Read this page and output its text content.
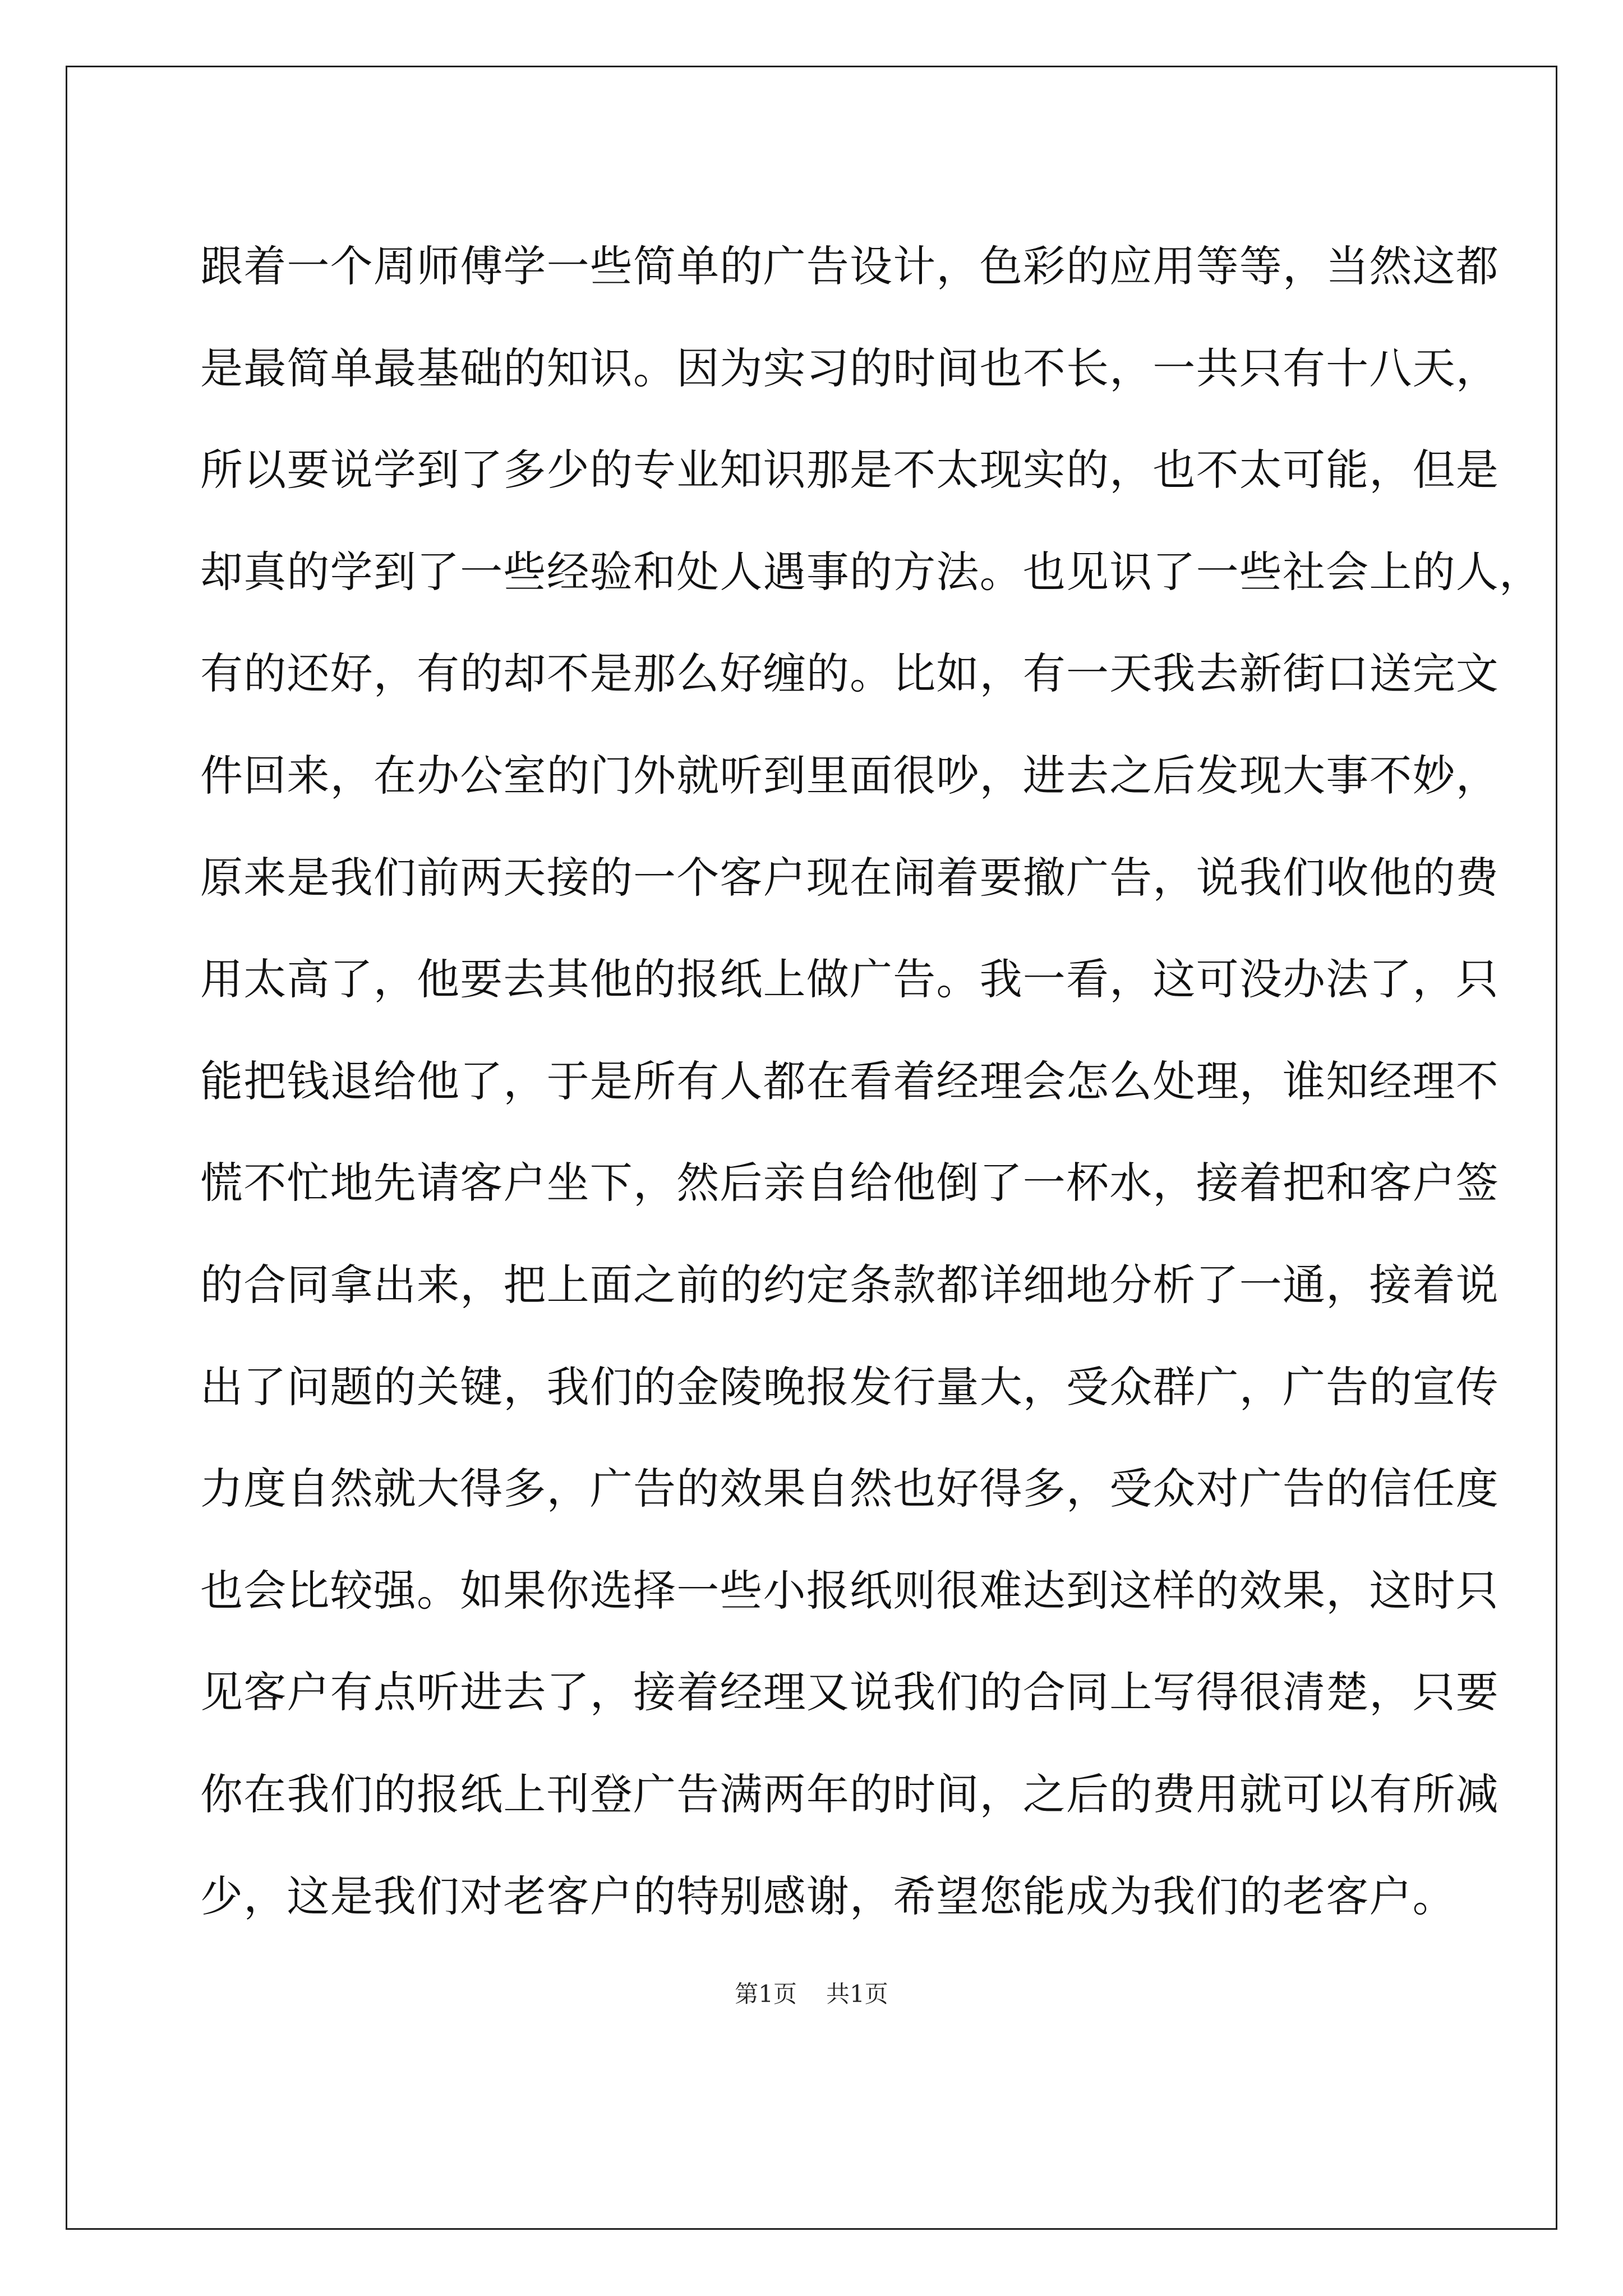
跟着一个周师傅学一些简单的广告设计，色彩的应用等等，当然这都
是最简单最基础的知识。因为实习的时间也不长，一共只有十八天，
所以要说学到了多少的专业知识那是不太现实的，也不太可能，但是
却真的学到了一些经验和处人遇事的方法。也见识了一些社会上的人，
有的还好，有的却不是那么好缠的。比如，有一天我去新街口送完文
件回来，在办公室的门外就听到里面很吵，进去之后发现大事不妙，
原来是我们前两天接的一个客户现在闹着要撤广告，说我们收他的费
用太高了，他要去其他的报纸上做广告。我一看，这可没办法了，只
能把钱退给他了，于是所有人都在看着经理会怎么处理，谁知经理不
慌不忙地先请客户坐下，然后亲自给他倒了一杯水，接着把和客户签
的合同拿出来，把上面之前的约定条款都详细地分析了一通，接着说
出了问题的关键，我们的金陵晚报发行量大，受众群广，广告的宣传
力度自然就大得多，广告的效果自然也好得多，受众对广告的信任度
也会比较强。如果你选择一些小报纸则很难达到这样的效果，这时只
见客户有点听进去了，接着经理又说我们的合同上写得很清楚，只要
你在我们的报纸上刊登广告满两年的时间，之后的费用就可以有所减
少，这是我们对老客户的特别感谢，希望您能成为我们的老客户。
第1页 共1页
